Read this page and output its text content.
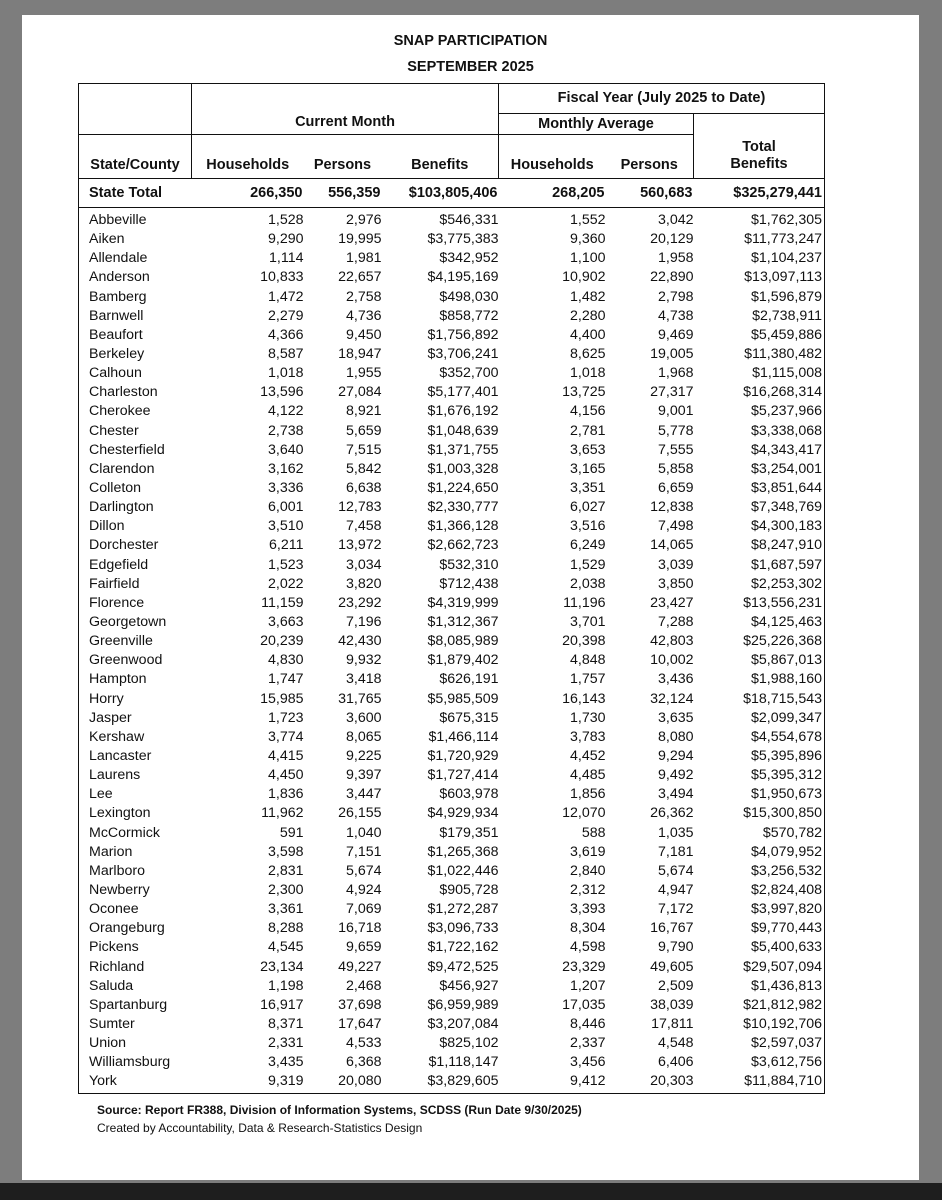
SNAP PARTICIPATION
SEPTEMBER 2025

	Current Month	Fiscal Year (July 2025 to Date)	
		Monthly Average	
State/County	Households	Persons	Benefits	Households	Persons	Total
Benefits
State Total	266,350	556,359	$103,805,406	268,205	560,683	$325,279,441

Abbeville	1,528	2,976	$546,331	1,552	3,042	$1,762,305
Aiken	9,290	19,995	$3,775,383	9,360	20,129	$11,773,247
Allendale	1,114	1,981	$342,952	1,100	1,958	$1,104,237
Anderson	10,833	22,657	$4,195,169	10,902	22,890	$13,097,113
Bamberg	1,472	2,758	$498,030	1,482	2,798	$1,596,879
Barnwell	2,279	4,736	$858,772	2,280	4,738	$2,738,911
Beaufort	4,366	9,450	$1,756,892	4,400	9,469	$5,459,886
Berkeley	8,587	18,947	$3,706,241	8,625	19,005	$11,380,482
Calhoun	1,018	1,955	$352,700	1,018	1,968	$1,115,008
Charleston	13,596	27,084	$5,177,401	13,725	27,317	$16,268,314
Cherokee	4,122	8,921	$1,676,192	4,156	9,001	$5,237,966
Chester	2,738	5,659	$1,048,639	2,781	5,778	$3,338,068
Chesterfield	3,640	7,515	$1,371,755	3,653	7,555	$4,343,417
Clarendon	3,162	5,842	$1,003,328	3,165	5,858	$3,254,001
Colleton	3,336	6,638	$1,224,650	3,351	6,659	$3,851,644
Darlington	6,001	12,783	$2,330,777	6,027	12,838	$7,348,769
Dillon	3,510	7,458	$1,366,128	3,516	7,498	$4,300,183
Dorchester	6,211	13,972	$2,662,723	6,249	14,065	$8,247,910
Edgefield	1,523	3,034	$532,310	1,529	3,039	$1,687,597
Fairfield	2,022	3,820	$712,438	2,038	3,850	$2,253,302
Florence	11,159	23,292	$4,319,999	11,196	23,427	$13,556,231
Georgetown	3,663	7,196	$1,312,367	3,701	7,288	$4,125,463
Greenville	20,239	42,430	$8,085,989	20,398	42,803	$25,226,368
Greenwood	4,830	9,932	$1,879,402	4,848	10,002	$5,867,013
Hampton	1,747	3,418	$626,191	1,757	3,436	$1,988,160
Horry	15,985	31,765	$5,985,509	16,143	32,124	$18,715,543
Jasper	1,723	3,600	$675,315	1,730	3,635	$2,099,347
Kershaw	3,774	8,065	$1,466,114	3,783	8,080	$4,554,678
Lancaster	4,415	9,225	$1,720,929	4,452	9,294	$5,395,896
Laurens	4,450	9,397	$1,727,414	4,485	9,492	$5,395,312
Lee	1,836	3,447	$603,978	1,856	3,494	$1,950,673
Lexington	11,962	26,155	$4,929,934	12,070	26,362	$15,300,850
McCormick	591	1,040	$179,351	588	1,035	$570,782
Marion	3,598	7,151	$1,265,368	3,619	7,181	$4,079,952
Marlboro	2,831	5,674	$1,022,446	2,840	5,674	$3,256,532
Newberry	2,300	4,924	$905,728	2,312	4,947	$2,824,408
Oconee	3,361	7,069	$1,272,287	3,393	7,172	$3,997,820
Orangeburg	8,288	16,718	$3,096,733	8,304	16,767	$9,770,443
Pickens	4,545	9,659	$1,722,162	4,598	9,790	$5,400,633
Richland	23,134	49,227	$9,472,525	23,329	49,605	$29,507,094
Saluda	1,198	2,468	$456,927	1,207	2,509	$1,436,813
Spartanburg	16,917	37,698	$6,959,989	17,035	38,039	$21,812,982
Sumter	8,371	17,647	$3,207,084	8,446	17,811	$10,192,706
Union	2,331	4,533	$825,102	2,337	4,548	$2,597,037
Williamsburg	3,435	6,368	$1,118,147	3,456	6,406	$3,612,756
York	9,319	20,080	$3,829,605	9,412	20,303	$11,884,710

Source: Report FR388, Division of Information Systems, SCDSS (Run Date 9/30/2025)
Created by Accountability, Data & Research-Statistics Design
